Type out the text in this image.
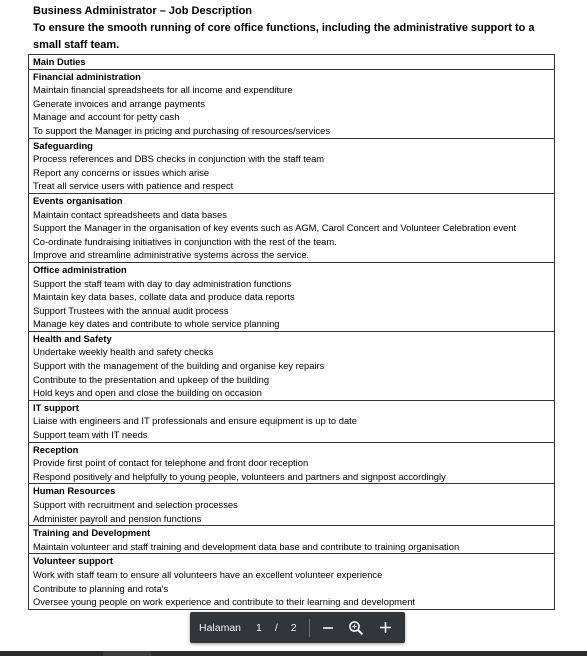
Business Administrator – Job Description
To ensure the smooth running of core office functions, including the administrative support to a small staff team.
Main Duties

Financial administration
Maintain financial spreadsheets for all income and expenditure
Generate invoices and arrange payments
Manage and account for petty cash
To support the Manager in pricing and purchasing of resources/services

Safeguarding
Process references and DBS checks in conjunction with the staff team
Report any concerns or issues which arise
Treat all service users with patience and respect

Events organisation
Maintain contact spreadsheets and data bases
Support the Manager in the organisation of key events such as AGM, Carol Concert and Volunteer Celebration event
Co-ordinate fundraising initiatives in conjunction with the rest of the team.
Improve and streamline administrative systems across the service.

Office administration
Support the staff team with day to day administration functions
Maintain key data bases, collate data and produce data reports
Support Trustees with the annual audit process
Manage key dates and contribute to whole service planning

Health and Safety
Undertake weekly health and safety checks
Support with the management of the building and organise key repairs
Contribute to the presentation and upkeep of the building
Hold keys and open and close the building on occasion

IT support
Liaise with engineers and IT professionals and ensure equipment is up to date
Support team with IT needs

Reception
Provide first point of contact for telephone and front door reception
Respond positively and helpfully to young people, volunteers and partners and signpost accordingly

Human Resources
Support with recruitment and selection processes
Administer payroll and pension functions

Training and Development
Maintain volunteer and staff training and development data base and contribute to training organisation

Volunteer support
Work with staff team to ensure all volunteers have an excellent volunteer experience
Contribute to planning and rota's
Oversee young people on work experience and contribute to their learning and development
Halaman 1 / 2
